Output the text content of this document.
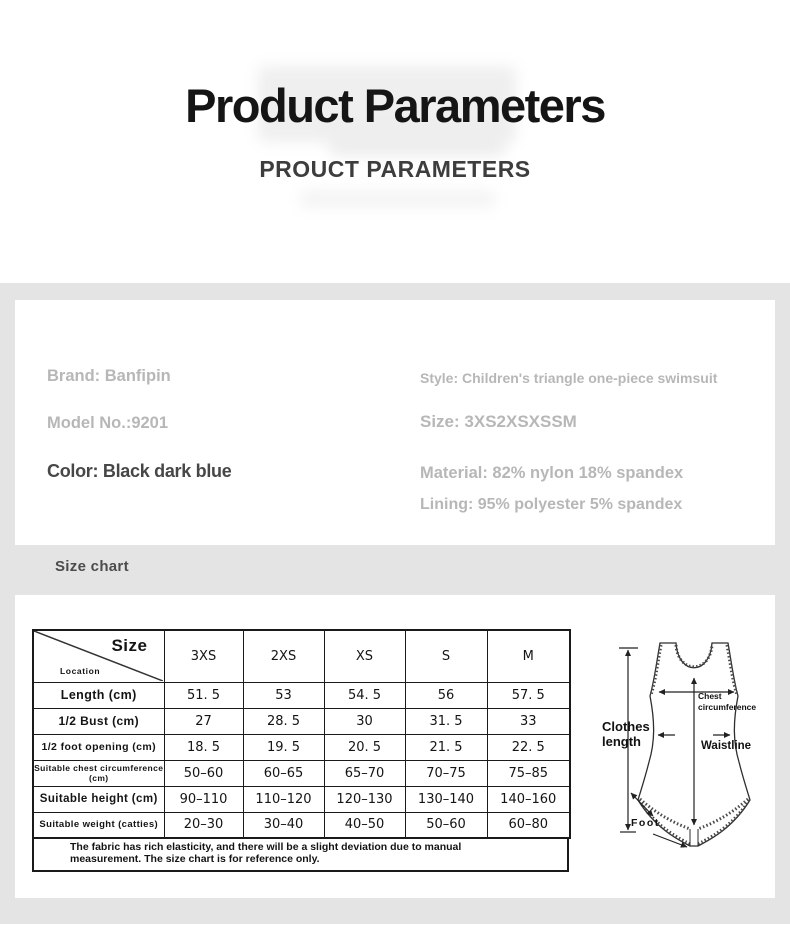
Product Parameters
PROUCT PARAMETERS

Brand: Banfipin

Model No.:9201

Color: Black dark blue

Style: Children's triangle one-piece swimsuit

Size: 3XS2XSXSSM

Material: 82% nylon 18% spandex

Lining: 95% polyester 5% spandex

Size chart

Size
Location	3XS	2XS	XS	S	M
Length (cm)	51. 5	53	54. 5	56	57. 5
1/2 Bust (cm)	27	28. 5	30	31. 5	33
1/2 foot opening (cm)	18. 5	19. 5	20. 5	21. 5	22. 5
Suitable chest circumference (cm)	50–60	60–65	65–70	70–75	75–85
Suitable height (cm)	90–110	110–120	120–130	130–140	140–160
Suitable weight (catties)	20–30	30–40	40–50	50–60	60–80
The fabric has rich elasticity, and there will be a slight deviation due to manual measurement. The size chart is for reference only.
Clothes length
Chest circumference
Waistline
Foot
